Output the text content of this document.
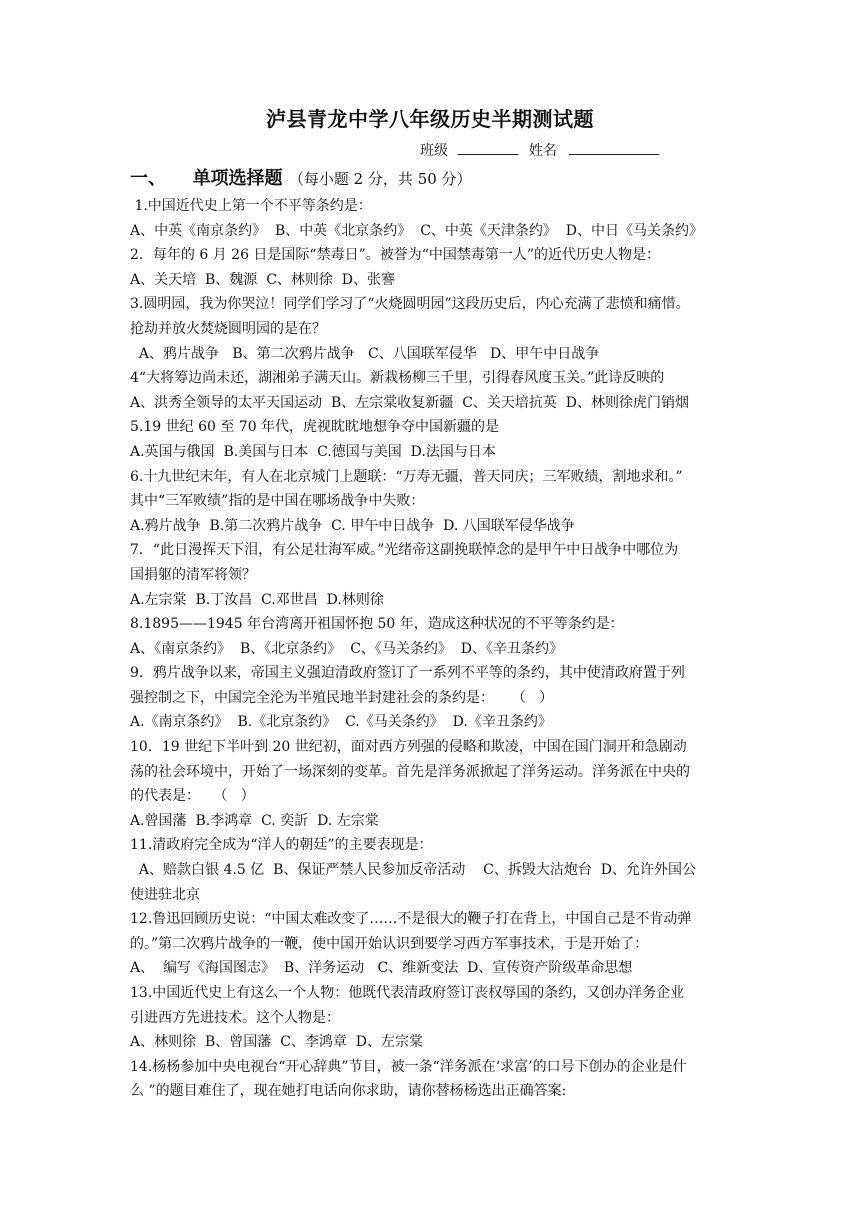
泸县青龙中学八年级历史半期测试题
班级	姓名
一、 单项选择题 （每小题 2 分，共 50 分）
1.中国近代史上第一个不平等条约是：
A、中英《南京条约》  B、中英《北京条约》  C、中英《天津条约》  D、中日《马关条约》
2．每年的 6 月 26 日是国际“禁毒日”。被誉为“中国禁毒第一人”的近代历史人物是：
A、关天培  B、魏源  C、林则徐  D、张謇
3.圆明园，我为你哭泣！同学们学习了“火烧圆明园”这段历史后，内心充满了悲愤和痛惜。
抢劫并放火焚烧圆明园的是在？
A、鸦片战争   B、第二次鸦片战争   C、八国联军侵华   D、甲午中日战争
4“大将筹边尚未还，湖湘弟子满天山。新栽杨柳三千里，引得春风度玉关。”此诗反映的
A、洪秀全领导的太平天国运动  B、左宗棠收复新疆  C、关天培抗英  D、林则徐虎门销烟
5.19 世纪 60 至 70 年代，虎视眈眈地想争夺中国新疆的是
A.英国与俄国  B.美国与日本  C.德国与美国  D.法国与日本
6.十九世纪末年，有人在北京城门上题联：“万寿无疆，普天同庆；三军败绩，割地求和。”
其中“三军败绩”指的是中国在哪场战争中失败：
A.鸦片战争  B.第二次鸦片战争  C. 甲午中日战争  D. 八国联军侵华战争
7．“此日漫挥天下泪，有公足壮海军威。”光绪帝这副挽联悼念的是甲午中日战争中哪位为
国捐躯的清军将领？
A.左宗棠  B.丁汝昌  C.邓世昌  D.林则徐
8.1895——1945 年台湾离开祖国怀抱 50 年，造成这种状况的不平等条约是：
A、《南京条约》  B、《北京条约》  C、《马关条约》  D、《辛丑条约》
9．鸦片战争以来，帝国主义强迫清政府签订了一系列不平等的条约，其中使清政府置于列
强控制之下，中国完全沦为半殖民地半封建社会的条约是：    （   ）
A.《南京条约》  B.《北京条约》  C.《马关条约》  D.《辛丑条约》
10．19 世纪下半叶到 20 世纪初，面对西方列强的侵略和欺凌，中国在国门洞开和急剧动
荡的社会环境中，开始了一场深刻的变革。首先是洋务派掀起了洋务运动。洋务派在中央的
的代表是：   （   ）
A.曾国藩  B.李鸿章  C. 奕訢  D. 左宗棠
11.清政府完全成为“洋人的朝廷”的主要表现是：
A、赔款白银 4.5 亿  B、保证严禁人民参加反帝活动    C、拆毁大沽炮台  D、允许外国公
使进驻北京
12.鲁迅回顾历史说：“中国太难改变了……不是很大的鞭子打在背上，中国自己是不肯动弹
的。”第二次鸦片战争的一鞭，使中国开始认识到要学习西方军事技术，于是开始了：
A、  编写《海国图志》  B、洋务运动   C、维新变法  D、宣传资产阶级革命思想
13.中国近代史上有这么一个人物：他既代表清政府签订丧权辱国的条约，又创办洋务企业
引进西方先进技术。这个人物是：
A、林则徐  B、曾国藩  C、李鸿章  D、左宗棠
14.杨杨参加中央电视台“开心辞典”节目，被一条“洋务派在‘求富’的口号下创办的企业是什
么 ”的题目难住了，现在她打电话向你求助，请你替杨杨选出正确答案:
